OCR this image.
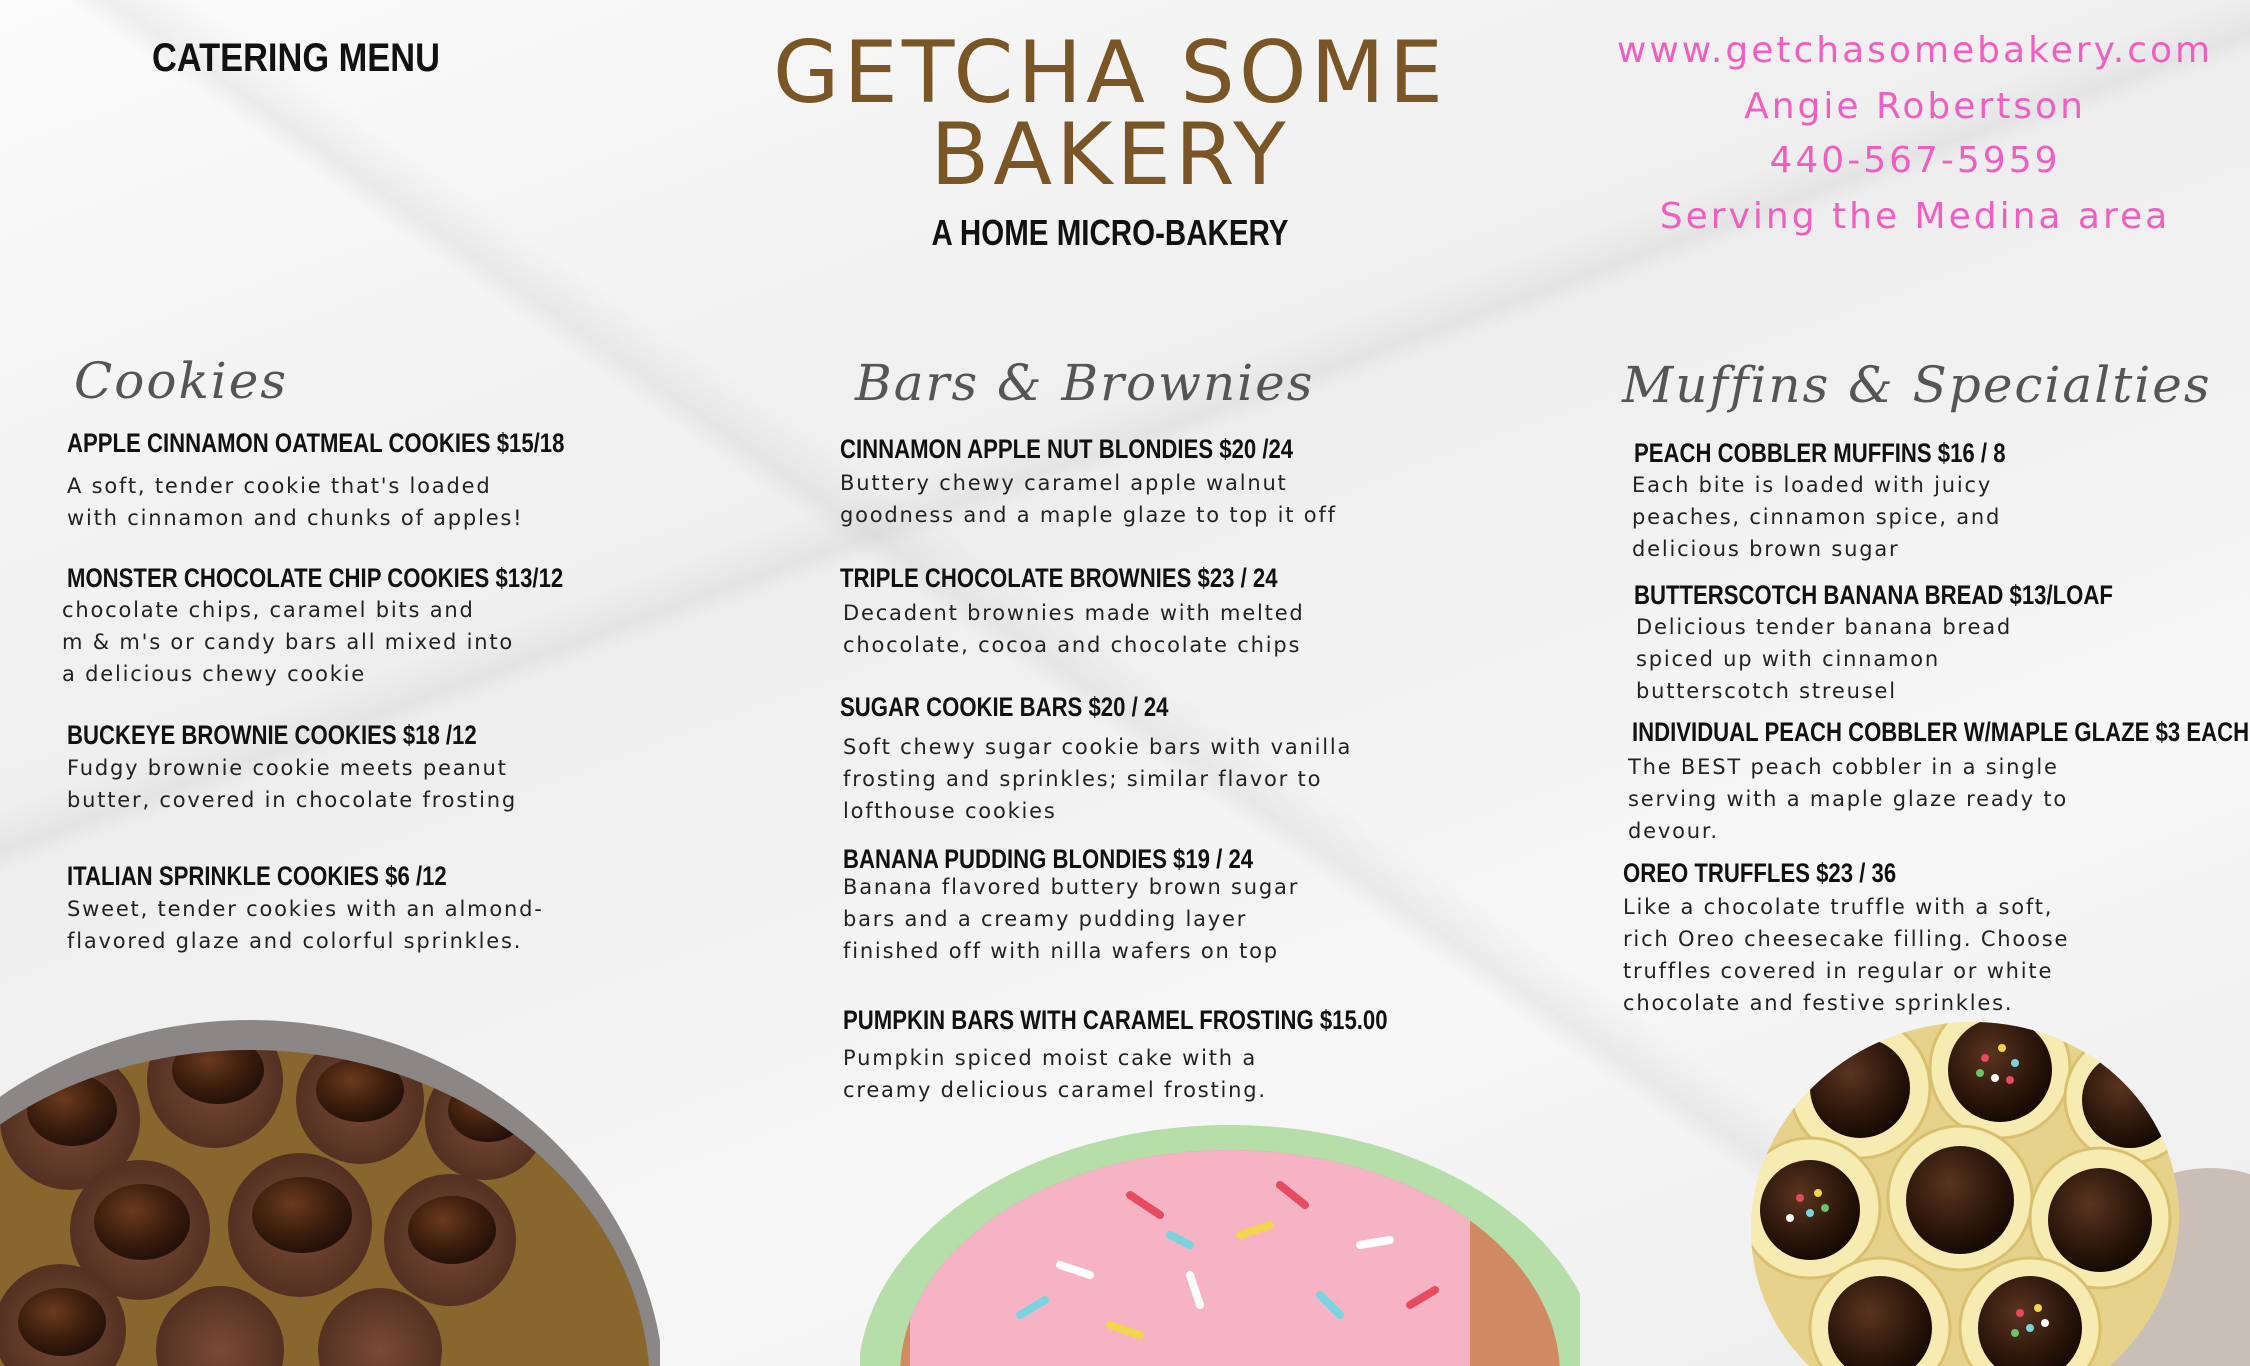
CATERING MENU	GETCHA SOME
BAKERY
A HOME MICRO-BAKERY
www.getchasomebakery.com
Angie Robertson
440-567-5959
Serving the Medina area
Cookies
APPLE CINNAMON OATMEAL COOKIES $15/18
A soft, tender cookie that's loaded
with cinnamon and chunks of apples!
MONSTER CHOCOLATE CHIP COOKIES $13/12
chocolate chips, caramel bits and
m & m's or candy bars all mixed into
a delicious chewy cookie
BUCKEYE BROWNIE COOKIES $18 /12
Fudgy brownie cookie meets peanut
butter, covered in chocolate frosting
ITALIAN SPRINKLE COOKIES $6 /12
Sweet, tender cookies with an almond-
flavored glaze and colorful sprinkles.
Bars & Brownies
CINNAMON APPLE NUT BLONDIES $20 /24
Buttery chewy caramel apple walnut
goodness and a maple glaze to top it off
TRIPLE CHOCOLATE BROWNIES $23 / 24
Decadent brownies made with melted
chocolate, cocoa and chocolate chips
SUGAR COOKIE BARS $20 / 24
Soft chewy sugar cookie bars with vanilla
frosting and sprinkles; similar flavor to
lofthouse cookies
BANANA PUDDING BLONDIES $19 / 24
Banana flavored buttery brown sugar
bars and a creamy pudding layer
finished off with nilla wafers on top
PUMPKIN BARS WITH CARAMEL FROSTING $15.00
Pumpkin spiced moist cake with a
creamy delicious caramel frosting.
Muffins & Specialties
PEACH COBBLER MUFFINS $16 / 8
Each bite is loaded with juicy
peaches, cinnamon spice, and
delicious brown sugar
BUTTERSCOTCH BANANA BREAD $13/LOAF
Delicious tender banana bread
spiced up with cinnamon
butterscotch streusel
INDIVIDUAL PEACH COBBLER W/MAPLE GLAZE $3 EACH
The BEST peach cobbler in a single
serving with a maple glaze ready to
devour.
OREO TRUFFLES $23 / 36
Like a chocolate truffle with a soft,
rich Oreo cheesecake filling. Choose
truffles covered in regular or white
chocolate and festive sprinkles.
